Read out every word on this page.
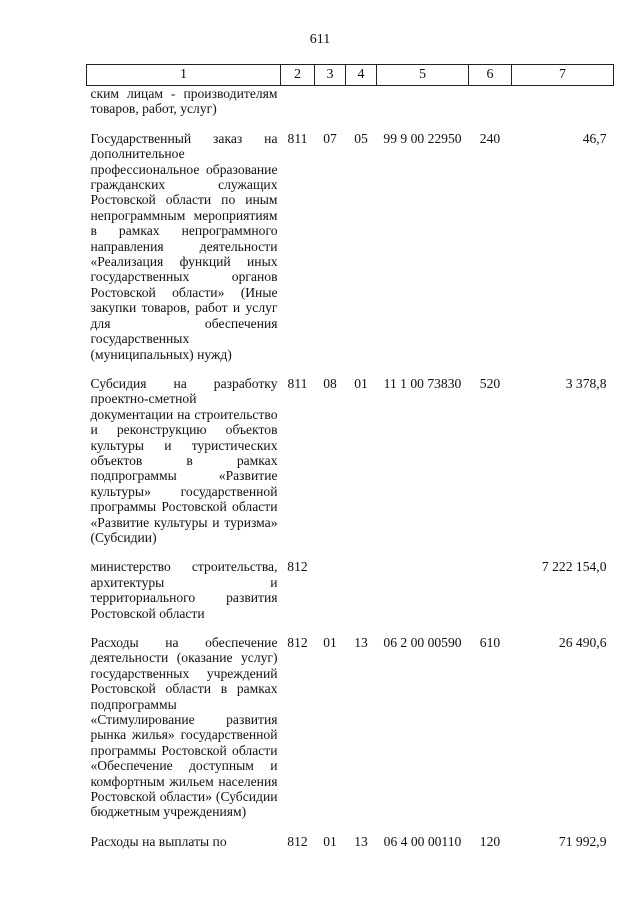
611
1	2	3	4	5	6	7
ским лицам - производителям товаров, работ, услуг)						

Государственный заказ на дополнительное профессиональное образование гражданских служащих Ростовской области по иным непрограммным мероприятиям в рамках непрограммного направления деятельности «Реализация функций иных государственных органов Ростовской области» (Иные закупки товаров, работ и услуг для обеспечения государственных (муниципальных) нужд)	811	07	05	99 9 00 22950	240	46,7

Субсидия на разработку проектно-сметной документации на строительство и реконструкцию объектов культуры и туристических объектов в рамках подпрограммы «Развитие культуры» государственной программы Ростовской области «Развитие культуры и туризма» (Субсидии)	811	08	01	11 1 00 73830	520	3 378,8

министерство строительства, архитектуры и территориального развития Ростовской области	812					7 222 154,0

Расходы на обеспечение деятельности (оказание услуг) государственных учреждений Ростовской области в рамках подпрограммы «Стимулирование развития рынка жилья» государственной программы Ростовской области «Обеспечение доступным и комфортным жильем населения Ростовской области» (Субсидии бюджетным учреждениям)	812	01	13	06 2 00 00590	610	26 490,6

Расходы на выплаты по	812	01	13	06 4 00 00110	120	71 992,9
